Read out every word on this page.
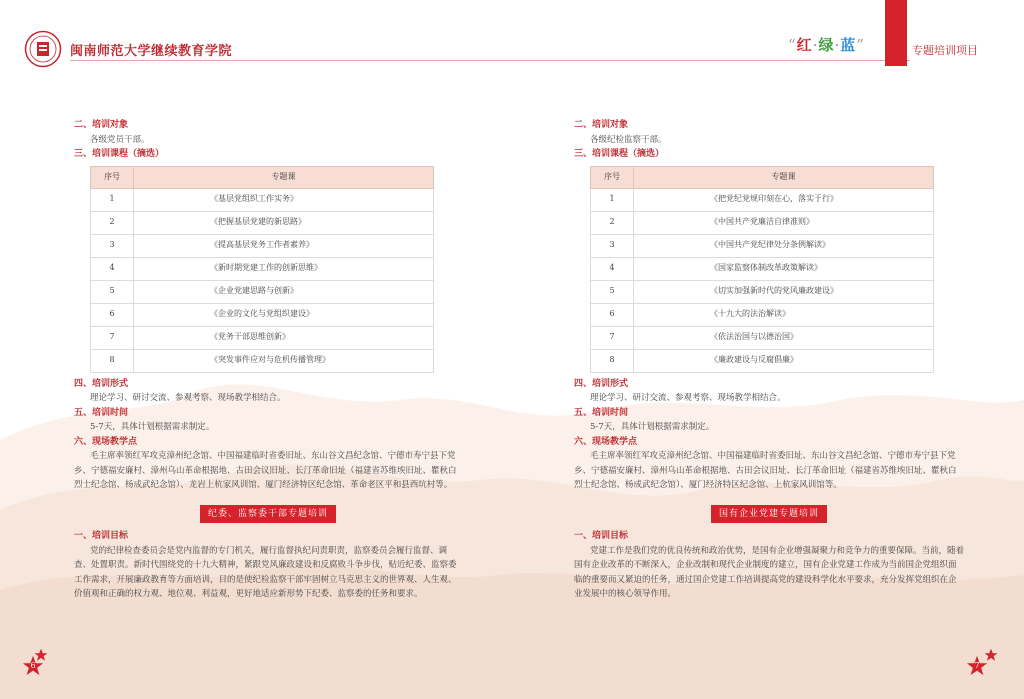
闽南师范大学继续教育学院	“红·绿·蓝”	专题培训项目

二、培训对象

各级党员干部。

三、培训课程（摘选）

序号	专题课
1	《基层党组织工作实务》
2	《把握基层党建的新思路》
3	《提高基层党务工作者素养》
4	《新时期党建工作的创新思维》
5	《企业党建思路与创新》
6	《企业的文化与党组织建设》
7	《党务干部思维创新》
8	《突发事件应对与危机传播管理》

四、培训形式

理论学习、研讨交流、参观考察、现场教学相结合。

五、培训时间

5-7天，具体计划根据需求制定。

六、现场教学点

毛主席率领红军攻克漳州纪念馆、中国福建临时省委旧址、东山谷文昌纪念馆、宁德市寿宁县下党乡、宁德福安廉村、漳州乌山革命根据地、古田会议旧址、长汀革命旧址（福建省苏维埃旧址、瞿秋白烈士纪念馆、杨成武纪念馆）、龙岩上杭家风训馆、厦门经济特区纪念馆、革命老区平和县西坑村等。

纪委、监察委干部专题培训

一、培训目标

党的纪律检查委员会是党内监督的专门机关，履行监督执纪问责职责，监察委员会履行监督、调查、处置职责。新时代围绕党的十九大精神，紧跟党风廉政建设和反腐败斗争步伐，贴近纪委、监察委工作需求，开展廉政教育等方面培训，目的是使纪检监察干部牢固树立马克思主义的世界观、人生观、价值观和正确的权力观、地位观、利益观，更好地适应新形势下纪委、监察委的任务和要求。

二、培训对象

各级纪检监察干部。

三、培训课程（摘选）

序号	专题课
1	《把党纪党规印刻在心，落实于行》
2	《中国共产党廉洁自律准则》
3	《中国共产党纪律处分条例解读》
4	《国家监察体制改革政策解读》
5	《切实加强新时代的党风廉政建设》
6	《十九大的法治解读》
7	《依法治国与以德治国》
8	《廉政建设与反腐倡廉》

四、培训形式

理论学习、研讨交流、参观考察、现场教学相结合。

五、培训时间

5-7天，具体计划根据需求制定。

六、现场教学点

毛主席率领红军攻克漳州纪念馆、中国福建临时省委旧址、东山谷文昌纪念馆、宁德市寿宁县下党乡、宁德福安廉村、漳州乌山革命根据地、古田会议旧址、长汀革命旧址（福建省苏维埃旧址、瞿秋白烈士纪念馆、杨成武纪念馆）、厦门经济特区纪念馆、上杭家风训馆等。

国有企业党建专题培训

一、培训目标

党建工作是我们党的优良传统和政治优势，是国有企业增强凝聚力和竞争力的重要保障。当前，随着国有企业改革的不断深入，企业改制和现代企业制度的建立，国有企业党建工作成为当前国企党组织面临的重要而又紧迫的任务，通过国企党建工作培训提高党的建设科学化水平要求，充分发挥党组织在企业发展中的核心领导作用。

6	7
